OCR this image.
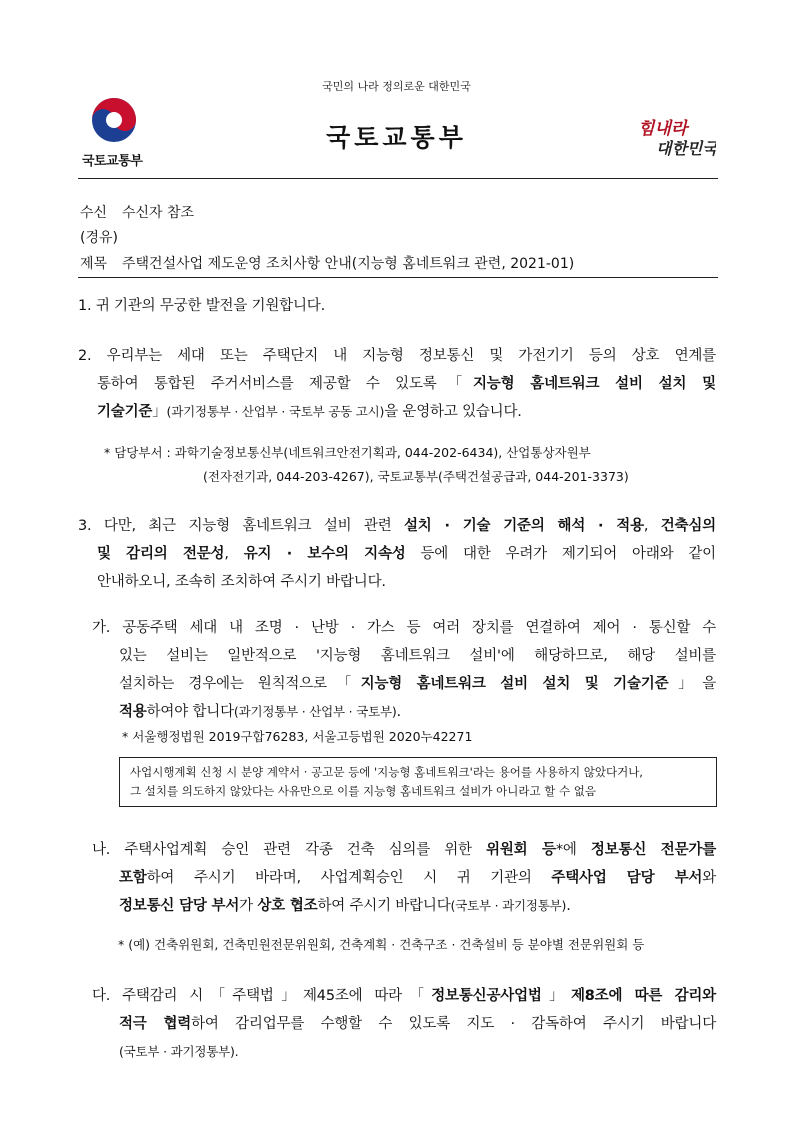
국민의 나라 정의로운 대한민국
국토교통부
국토교통부	힘내라
대한민국
수신 수신자 참조
(경유)
제목 주택건설사업 제도운영 조치사항 안내(지능형 홈네트워크 관련, 2021-01)
1. 귀 기관의 무궁한 발전을 기원합니다.
2. 우리부는 세대 또는 주택단지 내 지능형 정보통신 및 가전기기 등의 상호 연계를
통하여 통합된 주거서비스를 제공할 수 있도록「지능형 홈네트워크 설비 설치 및
기술기준」(과기정통부 · 산업부 · 국토부 공동 고시)을 운영하고 있습니다.
* 담당부서 : 과학기술정보통신부(네트워크안전기획과, 044-202-6434), 산업통상자원부
(전자전기과, 044-203-4267), 국토교통부(주택건설공급과, 044-201-3373)
3. 다만, 최근 지능형 홈네트워크 설비 관련 설치 · 기술 기준의 해석 · 적용, 건축심의
및 감리의 전문성, 유지 · 보수의 지속성 등에 대한 우려가 제기되어 아래와 같이
안내하오니, 조속히 조치하여 주시기 바랍니다.
가. 공동주택 세대 내 조명 · 난방 · 가스 등 여러 장치를 연결하여 제어 · 통신할 수
있는 설비는 일반적으로 '지능형 홈네트워크 설비'에 해당하므로, 해당 설비를
설치하는 경우에는 원칙적으로「지능형 홈네트워크 설비 설치 및 기술기준」을
적용하여야 합니다(과기정통부 · 산업부 · 국토부).
* 서울행정법원 2019구합76283, 서울고등법원 2020누42271
사업시행계획 신청 시 분양 계약서 · 공고문 등에 '지능형 홈네트워크'라는 용어를 사용하지 않았다거나,
그 설치를 의도하지 않았다는 사유만으로 이를 지능형 홈네트워크 설비가 아니라고 할 수 없음
나. 주택사업계획 승인 관련 각종 건축 심의를 위한 위원회 등*에 정보통신 전문가를
포함하여 주시기 바라며, 사업계획승인 시 귀 기관의 주택사업 담당 부서와
정보통신 담당 부서가 상호 협조하여 주시기 바랍니다(국토부 · 과기정통부).
* (예) 건축위원회, 건축민원전문위원회, 건축계획 · 건축구조 · 건축설비 등 분야별 전문위원회 등
다. 주택감리 시「주택법」제45조에 따라「정보통신공사업법」제8조에 따른 감리와
적극 협력하여 감리업무를 수행할 수 있도록 지도 · 감독하여 주시기 바랍니다
(국토부 · 과기정통부).
